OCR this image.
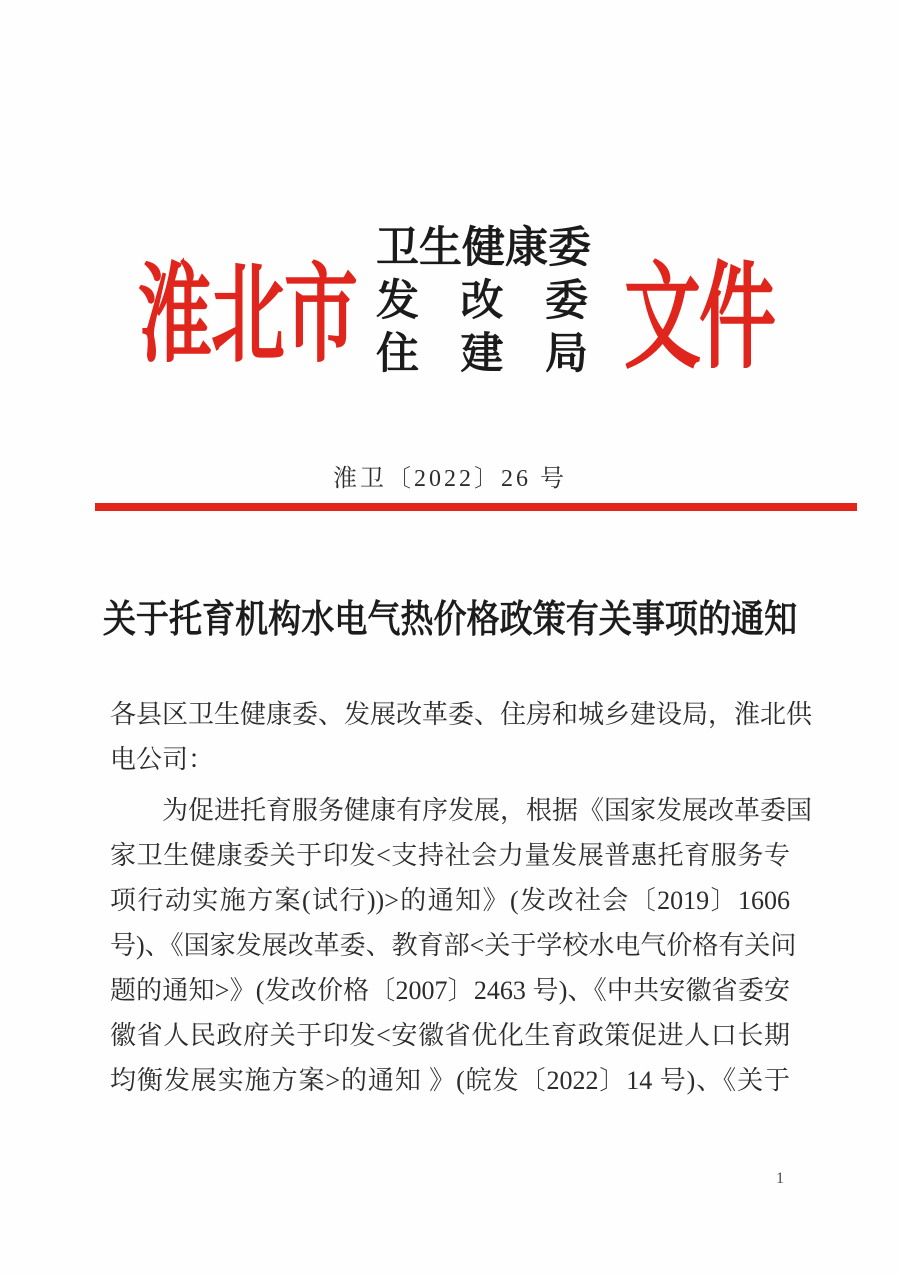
淮北市
卫生健康委
发改委
住建局 文件
淮卫〔2022〕26 号
关于托育机构水电气热价格政策有关事项的通知
各县区卫生健康委、发展改革委、住房和城乡建设局，淮北供
电公司：
为促进托育服务健康有序发展，根据《国家发展改革委国
家卫生健康委关于印发<支持社会力量发展普惠托育服务专
项行动实施方案(试行))>的通知》(发改社会〔2019〕1606
号)、《国家发展改革委、教育部<关于学校水电气价格有关问
题的通知>》(发改价格〔2007〕2463 号)、《中共安徽省委安
徽省人民政府关于印发<安徽省优化生育政策促进人口长期
均衡发展实施方案>的通知 》(皖发〔2022〕14 号)、《关于
1
